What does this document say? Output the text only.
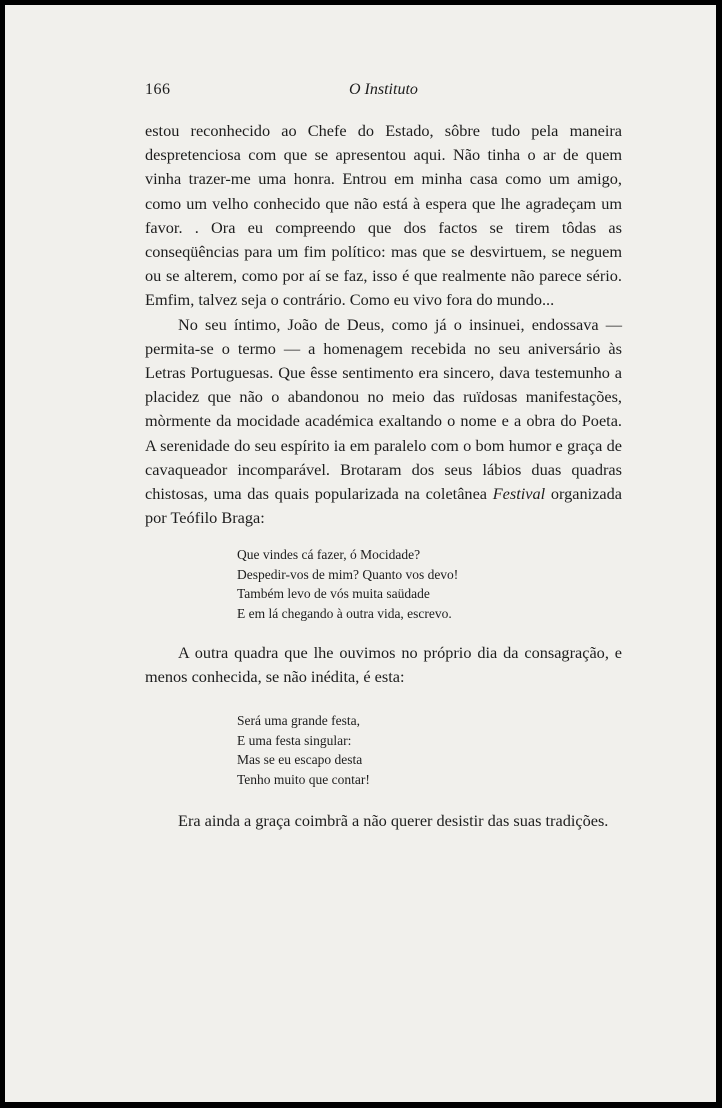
166	O Instituto

estou reconhecido ao Chefe do Estado, sôbre tudo pela maneira despretenciosa com que se apresentou aqui. Não tinha o ar de quem vinha trazer-me uma honra. Entrou em minha casa como um amigo, como um velho conhecido que não está à espera que lhe agradeçam um favor. . Ora eu compreendo que dos factos se tirem tôdas as conseqüências para um fim político: mas que se desvirtuem, se neguem ou se alterem, como por aí se faz, isso é que realmente não parece sério. Emfim, talvez seja o contrário. Como eu vivo fora do mundo...

No seu íntimo, João de Deus, como já o insinuei, endossava — permita-se o termo — a homenagem recebida no seu aniversário às Letras Portuguesas. Que êsse sentimento era sincero, dava testemunho a placidez que não o abandonou no meio das ruïdosas manifestações, mòrmente da mocidade académica exaltando o nome e a obra do Poeta. A serenidade do seu espírito ia em paralelo com o bom humor e graça de cavaqueador incomparável. Brotaram dos seus lábios duas quadras chistosas, uma das quais popularizada na coletânea Festival organizada por Teófilo Braga:

Que vindes cá fazer, ó Mocidade?
Despedir-vos de mim? Quanto vos devo!
Também levo de vós muita saüdade
E em lá chegando à outra vida, escrevo.

A outra quadra que lhe ouvimos no próprio dia da consagração, e menos conhecida, se não inédita, é esta:

Será uma grande festa,
E uma festa singular:
Mas se eu escapo desta
Tenho muito que contar!

Era ainda a graça coimbrã a não querer desistir das suas tradições.
